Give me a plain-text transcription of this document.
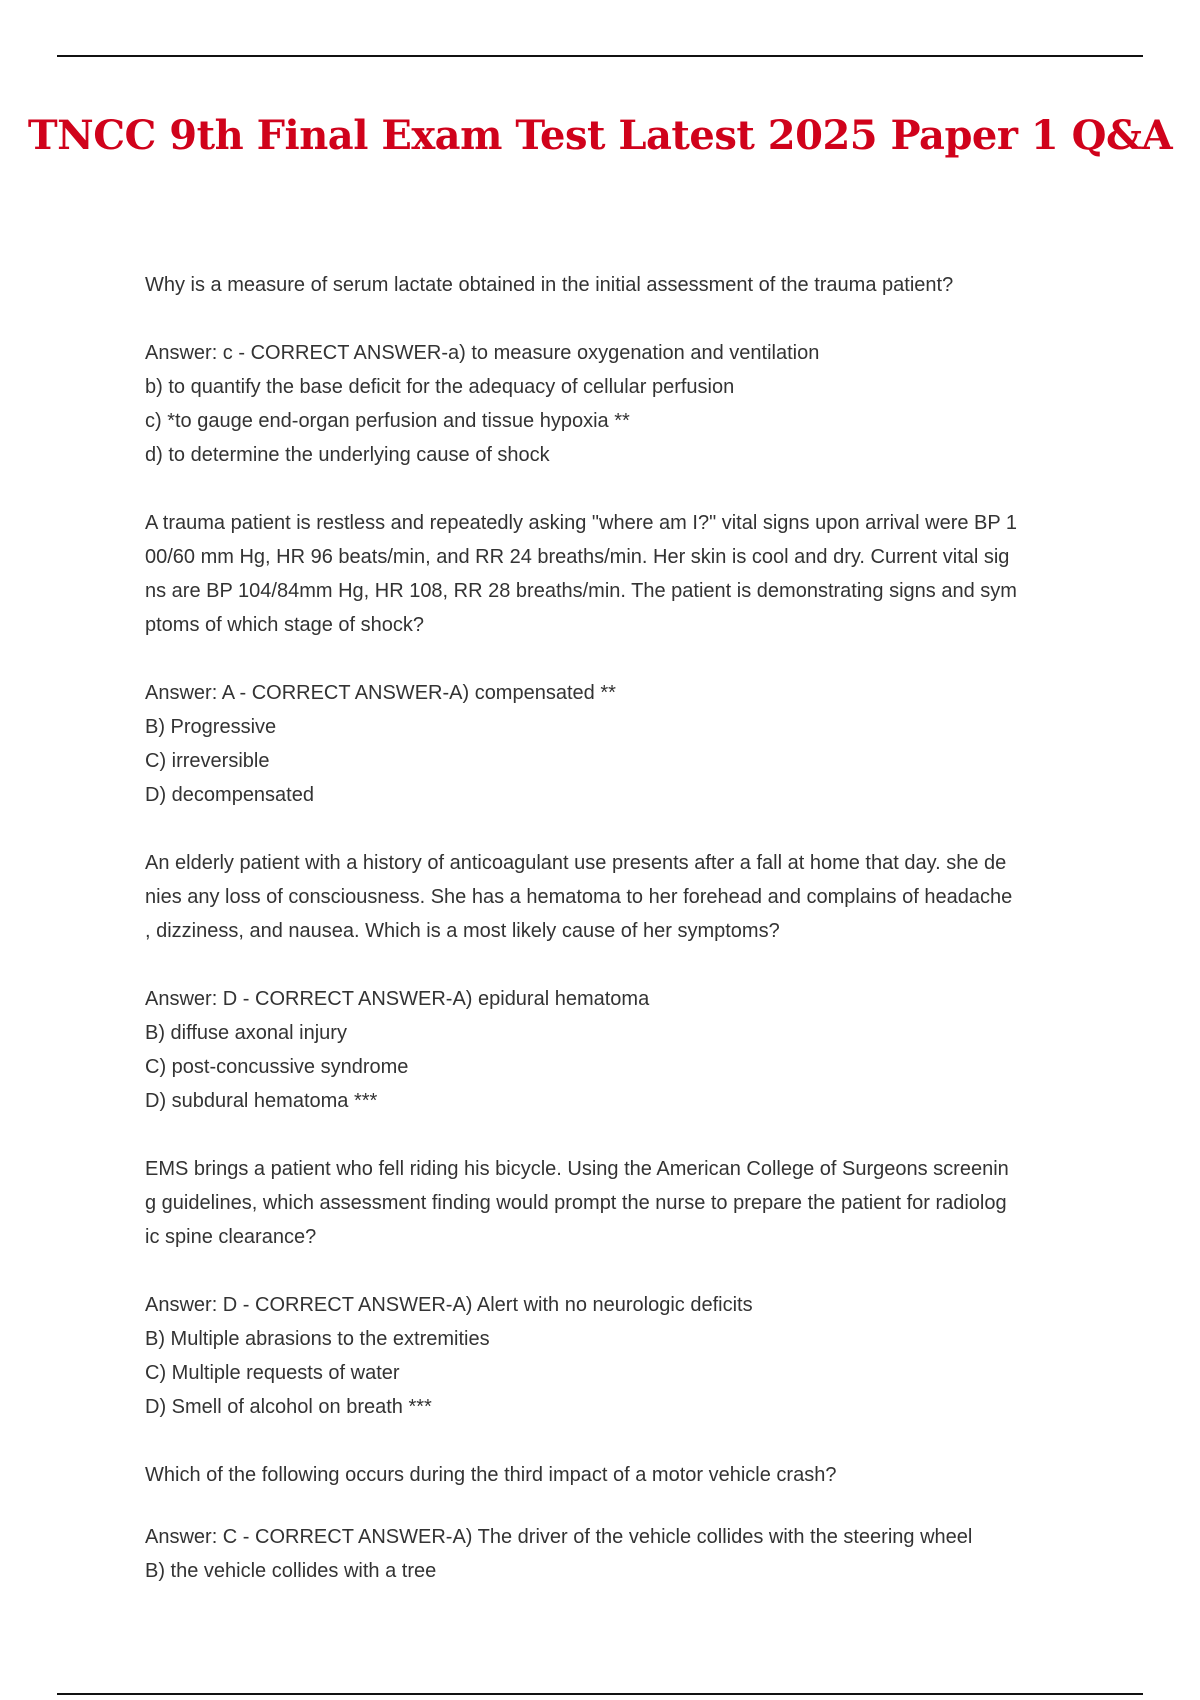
TNCC 9th Final Exam Test Latest 2025 Paper 1 Q&A

Why is a measure of serum lactate obtained in the initial assessment of the trauma patient?

Answer: c - CORRECT ANSWER-a) to measure oxygenation and ventilation

b) to quantify the base deficit for the adequacy of cellular perfusion

c) *to gauge end-organ perfusion and tissue hypoxia **

d) to determine the underlying cause of shock

A trauma patient is restless and repeatedly asking "where am I?" vital signs upon arrival were BP 1

00/60 mm Hg, HR 96 beats/min, and RR 24 breaths/min. Her skin is cool and dry. Current vital sig

ns are BP 104/84mm Hg, HR 108, RR 28 breaths/min. The patient is demonstrating signs and sym

ptoms of which stage of shock?

Answer: A - CORRECT ANSWER-A) compensated **

B) Progressive

C) irreversible

D) decompensated

An elderly patient with a history of anticoagulant use presents after a fall at home that day. she de

nies any loss of consciousness. She has a hematoma to her forehead and complains of headache

, dizziness, and nausea. Which is a most likely cause of her symptoms?

Answer: D - CORRECT ANSWER-A) epidural hematoma

B) diffuse axonal injury

C) post-concussive syndrome

D) subdural hematoma ***

EMS brings a patient who fell riding his bicycle. Using the American College of Surgeons screenin

g guidelines, which assessment finding would prompt the nurse to prepare the patient for radiolog

ic spine clearance?

Answer: D - CORRECT ANSWER-A) Alert with no neurologic deficits

B) Multiple abrasions to the extremities

C) Multiple requests of water

D) Smell of alcohol on breath ***

Which of the following occurs during the third impact of a motor vehicle crash?

Answer: C - CORRECT ANSWER-A) The driver of the vehicle collides with the steering wheel

B) the vehicle collides with a tree
